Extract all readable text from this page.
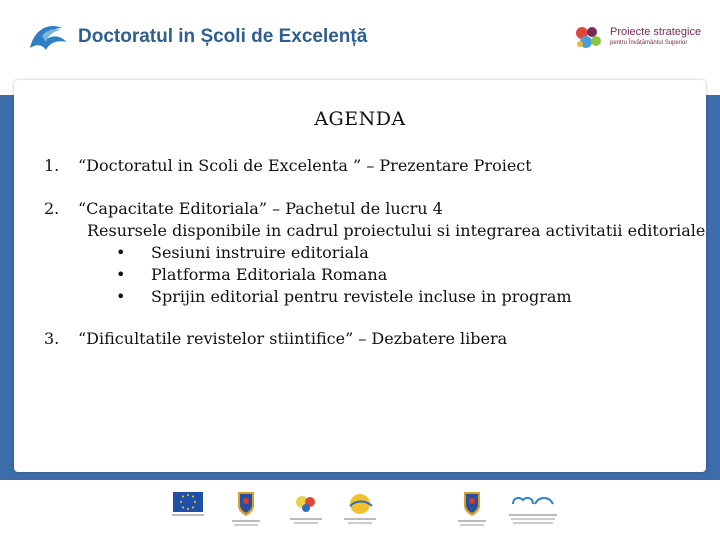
Doctoratul in Școli de Excelență	Proiecte strategice
pentru Învățământul Superior
AGENDA
1. “Doctoratul in Scoli de Excelenta ” – Prezentare Proiect
2. “Capacitate Editoriala” – Pachetul de lucru 4
Resursele disponibile in cadrul proiectului si integrarea activitatii editoriale
• Sesiuni instruire editoriala
• Platforma Editoriala Romana
• Sprijin editorial pentru revistele incluse in program
3. “Dificultatile revistelor stiintifice” – Dezbatere libera
